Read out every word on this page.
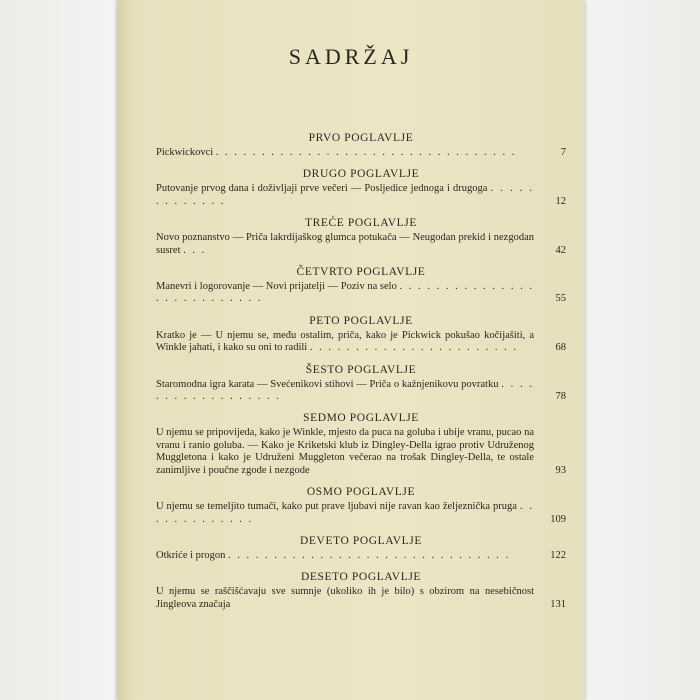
SADRŽAJ
PRVO POGLAVLJE
Pickwickovci . . . . . . . . . . . . . . . . . . . . . . . . . . . . . . . . .	7
DRUGO POGLAVLJE
Putovanje prvog dana i doživljaji prve večeri — Posljedice jednoga i drugoga . . . . . . . . . . . . .	12
TREĆE POGLAVLJE
Novo poznanstvo — Priča lakrdijaškog glumca potukača — Neugodan prekid i nezgodan susret . . .	42
ČETVRTO POGLAVLJE
Manevri i logorovanje — Novi prijatelji — Poziv na selo . . . . . . . . . . . . . . . . . . . . . . . . . . .	55
PETO POGLAVLJE
Kratko je — U njemu se, među ostalim, priča, kako je Pickwick pokušao kočijašiti, a Winkle jahati, i kako su oni to radili . . . . . . . . . . . . . . . . . . . . . . .	68
ŠESTO POGLAVLJE
Staromodna igra karata — Svećenikovi stihovi — Priča o kažnjenikovu povratku . . . . . . . . . . . . . . . . . .	78
SEDMO POGLAVLJE
U njemu se pripovijeda, kako je Winkle, mjesto da puca na goluba i ubije vranu, pucao na vranu i ranio goluba. — Kako je Kriketski klub iz Dingley-Della igrao protiv Udruženog Muggletona i kako je Udruženi Muggleton večerao na trošak Dingley-Della, te ostale zanimljive i poučne zgode i nezgode	93
OSMO POGLAVLJE
U njemu se temeljito tumači, kako put prave ljubavi nije ravan kao željeznička pruga . . . . . . . . . . . . .	109
DEVETO POGLAVLJE
Otkriće i progon . . . . . . . . . . . . . . . . . . . . . . . . . . . . . . .	122
DESETO POGLAVLJE
U njemu se raščišćavaju sve sumnje (ukoliko ih je bilo) s obzirom na nesebičnost Jingleova značaja	131
